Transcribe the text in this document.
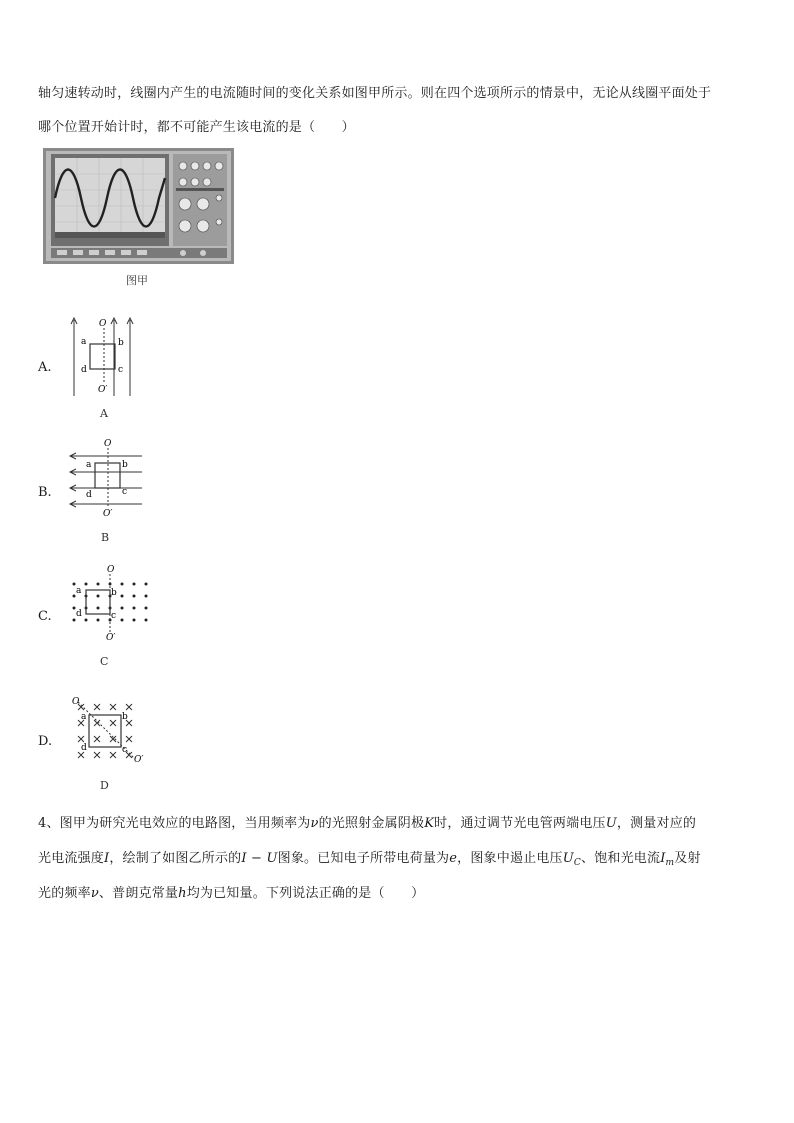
轴匀速转动时，线圈内产生的电流随时间的变化关系如图甲所示。则在四个选项所示的情景中，无论从线圈平面处于
哪个位置开始计时，都不可能产生该电流的是（　　）
图甲
A.
O
O′
a	b
c
d
A
B.
O
O′
a	b
c
d
B
C.
O
O′
a	b
c
d
C
D.
O
O′
a	b
c
d
D
4、图甲为研究光电效应的电路图，当用频率为ν的光照射金属阴极K时，通过调节光电管两端电压U，测量对应的
光电流强度I，绘制了如图乙所示的I − U图象。已知电子所带电荷量为e，图象中遏止电压$U_C$、饱和光电流$I_m$及射
光的频率ν、普朗克常量h均为已知量。下列说法正确的是（　　）
